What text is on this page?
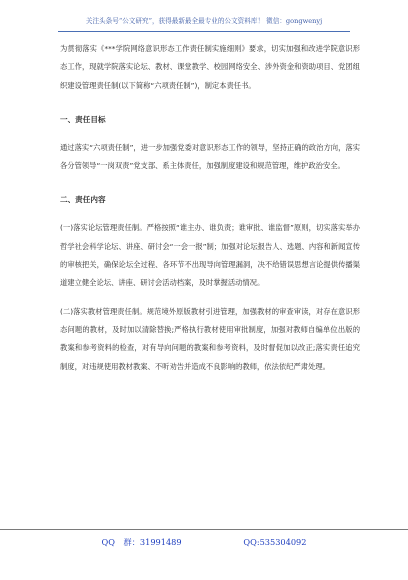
关注头条号“公文研究”，获得最新最全最专业的公文资料库！ 微信：gongwenyj

为贯彻落实《***学院网络意识形态工作责任制实施细则》要求，切实加强和改进学院意识形态工作，现就学院落实论坛、教材、课堂教学、校园网络安全、涉外资金和资助项目、党团组织建设管理责任制(以下简称“六项责任制”)，制定本责任书。

一、责任目标

通过落实“六项责任制”，进一步加强党委对意识形态工作的领导，坚持正确的政治方向，落实各分管领导“一岗双责”党支部、系主体责任，加强制度建设和规范管理，维护政治安全。

二、责任内容

(一)落实论坛管理责任制。严格按照“谁主办、谁负责；谁审批、谁监督”原则，切实落实举办哲学社会科学论坛、讲座、研讨会“一会一报”制；加强对论坛报告人、选题、内容和新闻宣传的审核把关，确保论坛全过程、各环节不出现导向管理漏洞，决不给错误思想言论提供传播渠道建立健全论坛、讲座、研讨会活动档案，及时掌握活动情况。

(二)落实教材管理责任制。规范境外原版教材引进管理，加强教材的审查审读，对存在意识形态问题的教材，及时加以清除替换;严格执行教材使用审批制度，加强对教师自编单位出版的教案和参考资料的检查，对有导向问题的教案和参考资料，及时督促加以改正;落实责任追究制度，对违规使用教材教案、不听劝告并造成不良影响的教师，依法依纪严肃处理。

QQ 群：31991489	QQ:535304092
